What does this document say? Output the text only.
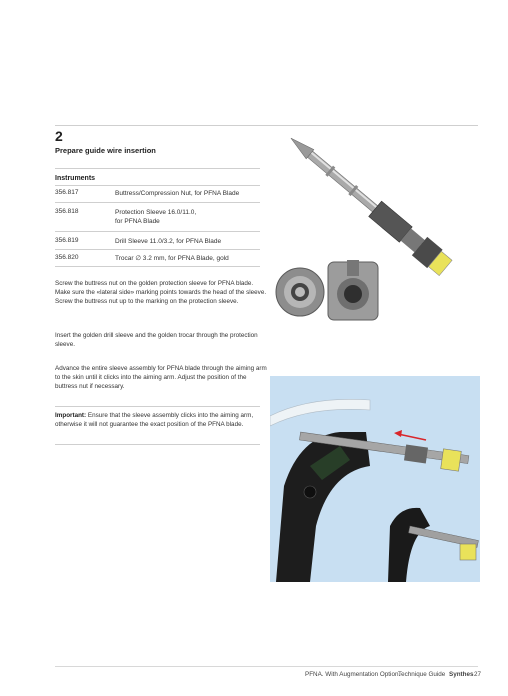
2
Prepare guide wire insertion
Instruments
356.817	Buttress/Compression Nut, for PFNA Blade
356.818	Protection Sleeve 16.0/11.0,
for PFNA Blade
356.819	Drill Sleeve 11.0/3.2, for PFNA Blade
356.820	Trocar ∅ 3.2 mm, for PFNA Blade, gold
Screw the buttress nut on the golden protection sleeve for PFNA blade. Make sure the «lateral side» marking points towards the head of the sleeve. Screw the buttress nut up to the marking on the protection sleeve.
Insert the golden drill sleeve and the golden trocar through the protection sleeve.
Advance the entire sleeve assembly for PFNA blade through the aiming arm to the skin until it clicks into the aiming arm. Adjust the position of the buttress nut if necessary.
Important: Ensure that the sleeve assembly clicks into the aiming arm, otherwise it will not guarantee the exact position of the PFNA blade.
PFNA. With Augmentation Option.
Technique Guide Synthes 27
